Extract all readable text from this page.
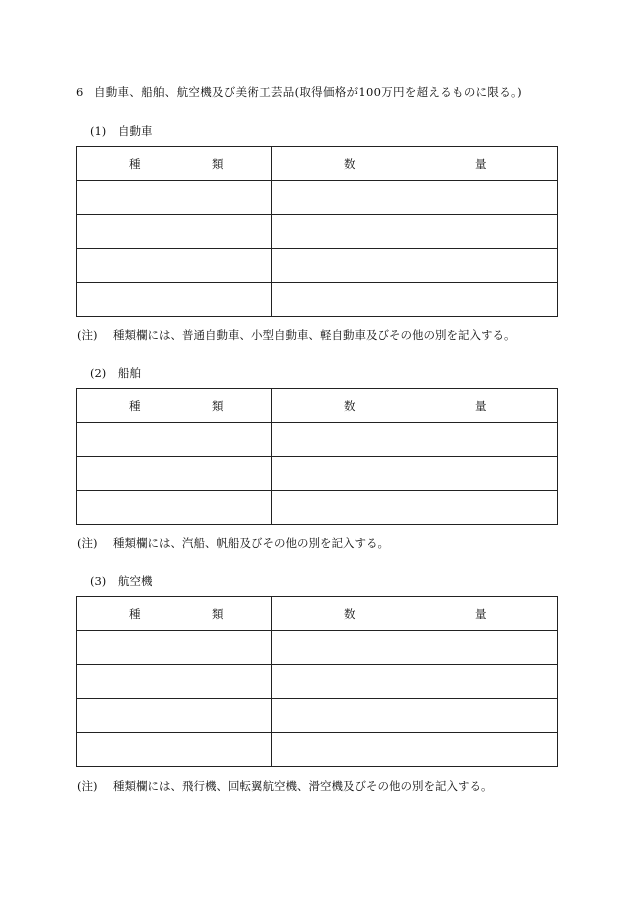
6 自動車、船舶、航空機及び美術工芸品(取得価格が100万円を超えるものに限る。)
(1) 自動車
種 類	数 量

(注) 種類欄には、普通自動車、小型自動車、軽自動車及びその他の別を記入する。
(2) 船舶
種 類	数 量

(注) 種類欄には、汽船、帆船及びその他の別を記入する。
(3) 航空機
種 類	数 量

(注) 種類欄には、飛行機、回転翼航空機、滑空機及びその他の別を記入する。
